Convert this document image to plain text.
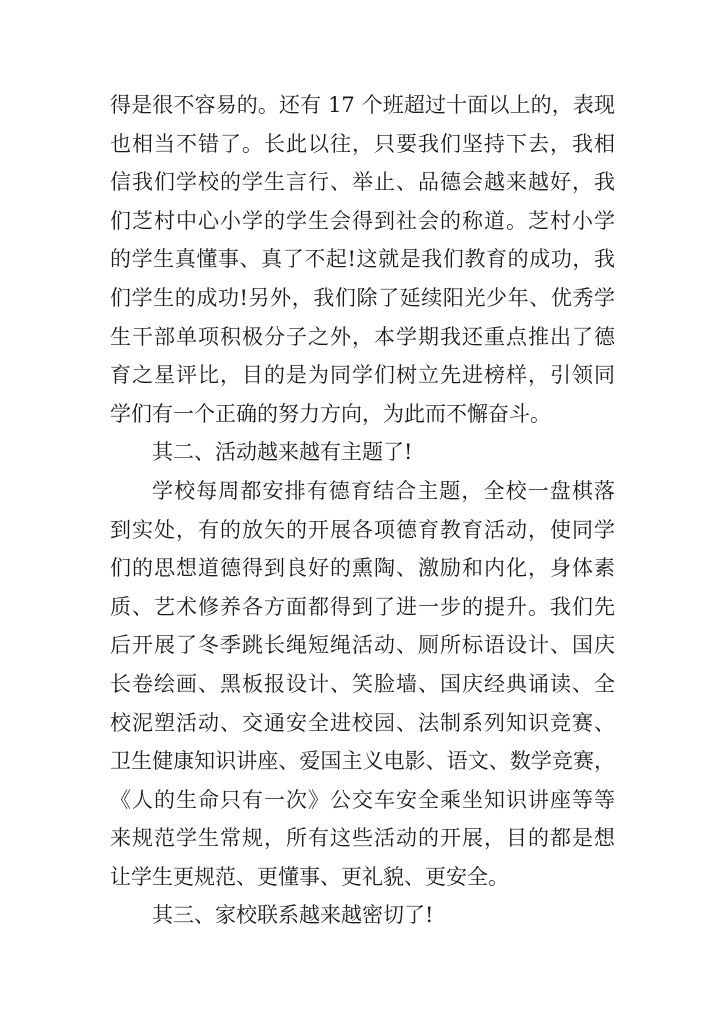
得是很不容易的。还有 17 个班超过十面以上的，表现
也相当不错了。长此以往，只要我们坚持下去，我相
信我们学校的学生言行、举止、品德会越来越好，我
们芝村中心小学的学生会得到社会的称道。芝村小学
的学生真懂事、真了不起!这就是我们教育的成功，我
们学生的成功!另外，我们除了延续阳光少年、优秀学
生干部单项积极分子之外，本学期我还重点推出了德
育之星评比，目的是为同学们树立先进榜样，引领同
学们有一个正确的努力方向，为此而不懈奋斗。
其二、活动越来越有主题了!
学校每周都安排有德育结合主题，全校一盘棋落
到实处，有的放矢的开展各项德育教育活动，使同学
们的思想道德得到良好的熏陶、激励和内化，身体素
质、艺术修养各方面都得到了进一步的提升。我们先
后开展了冬季跳长绳短绳活动、厕所标语设计、国庆
长卷绘画、黑板报设计、笑脸墙、国庆经典诵读、全
校泥塑活动、交通安全进校园、法制系列知识竞赛、
卫生健康知识讲座、爱国主义电影、语文、数学竞赛，
《人的生命只有一次》公交车安全乘坐知识讲座等等
来规范学生常规，所有这些活动的开展，目的都是想
让学生更规范、更懂事、更礼貌、更安全。
其三、家校联系越来越密切了!
